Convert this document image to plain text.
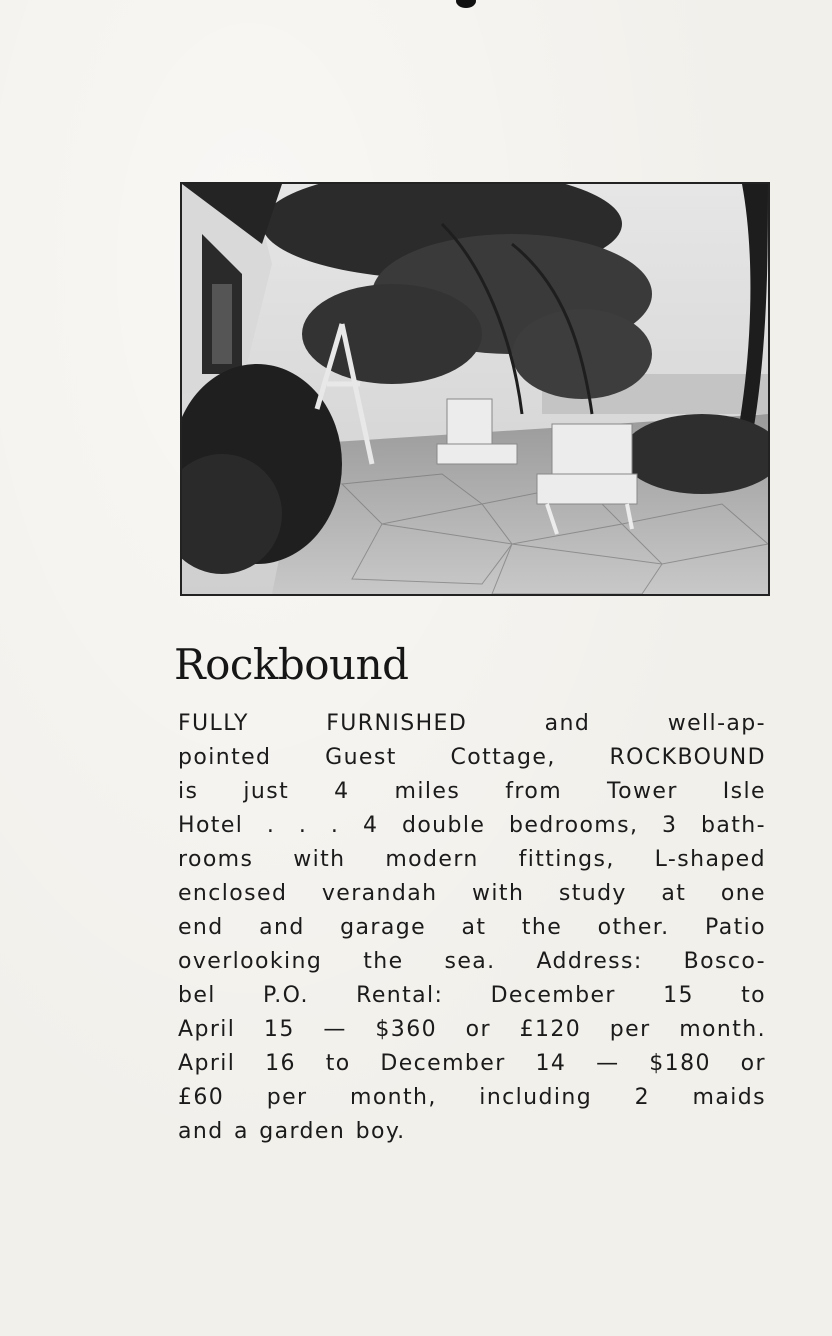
Rockbound
FULLY FURNISHED and well-ap-
pointed Guest Cottage, ROCKBOUND
is just 4 miles from Tower Isle
Hotel . . . 4 double bedrooms, 3 bath-
rooms with modern fittings, L-shaped
enclosed verandah with study at one
end and garage at the other. Patio
overlooking the sea. Address: Bosco-
bel P.O. Rental: December 15 to
April 15 — $360 or £120 per month.
April 16 to December 14 — $180 or
£60 per month, including 2 maids
and a garden boy.
